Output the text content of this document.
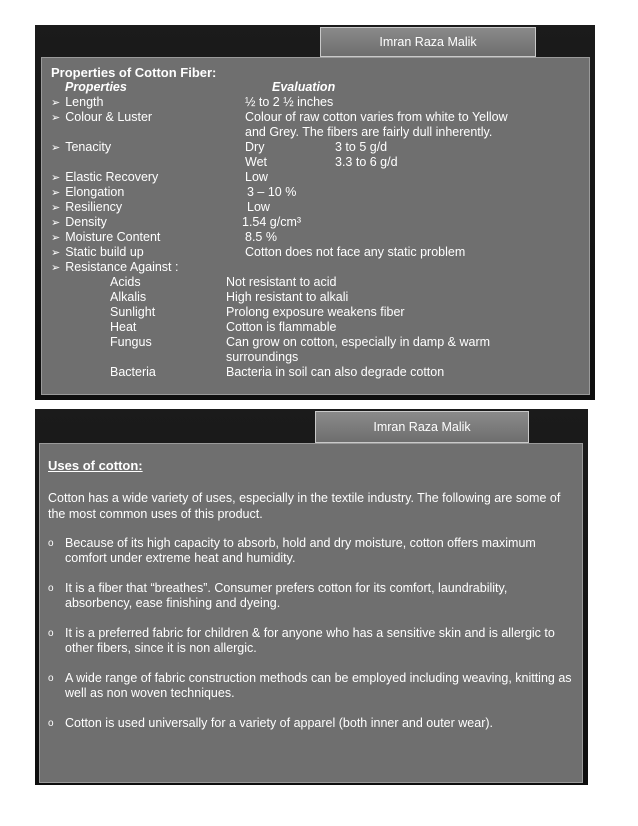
Imran Raza Malik
Properties of Cotton Fiber:
Properties	Evaluation
➢ Length	½ to 2 ½ inches
➢ Colour & Luster	Colour of raw cotton varies from white to Yellow
and Grey. The fibers are fairly dull inherently.
➢ Tenacity	Dry	3 to 5 g/d
Wet	3.3 to 6 g/d
➢ Elastic Recovery	Low
➢ Elongation	3 – 10 %
➢ Resiliency	Low
➢ Density	1.54 g/cm³
➢ Moisture Content	8.5 %
➢ Static build up	Cotton does not face any static problem
➢ Resistance Against :
Acids	Not resistant to acid
Alkalis	High resistant to alkali
Sunlight	Prolong exposure weakens fiber
Heat	Cotton is flammable
Fungus	Can grow on cotton, especially in damp & warm
surroundings
Bacteria	Bacteria in soil can also degrade cotton
Imran Raza Malik
Uses of cotton:
Cotton has a wide variety of uses, especially in the textile industry. The following are some of the most common uses of this product.
o Because of its high capacity to absorb, hold and dry moisture, cotton offers maximum comfort under extreme heat and humidity.
o It is a fiber that “breathes”. Consumer prefers cotton for its comfort, laundrability, absorbency, ease finishing and dyeing.
o It is a preferred fabric for children & for anyone who has a sensitive skin and is allergic to other fibers, since it is non allergic.
o A wide range of fabric construction methods can be employed including weaving, knitting as well as non woven techniques.
o Cotton is used universally for a variety of apparel (both inner and outer wear).
